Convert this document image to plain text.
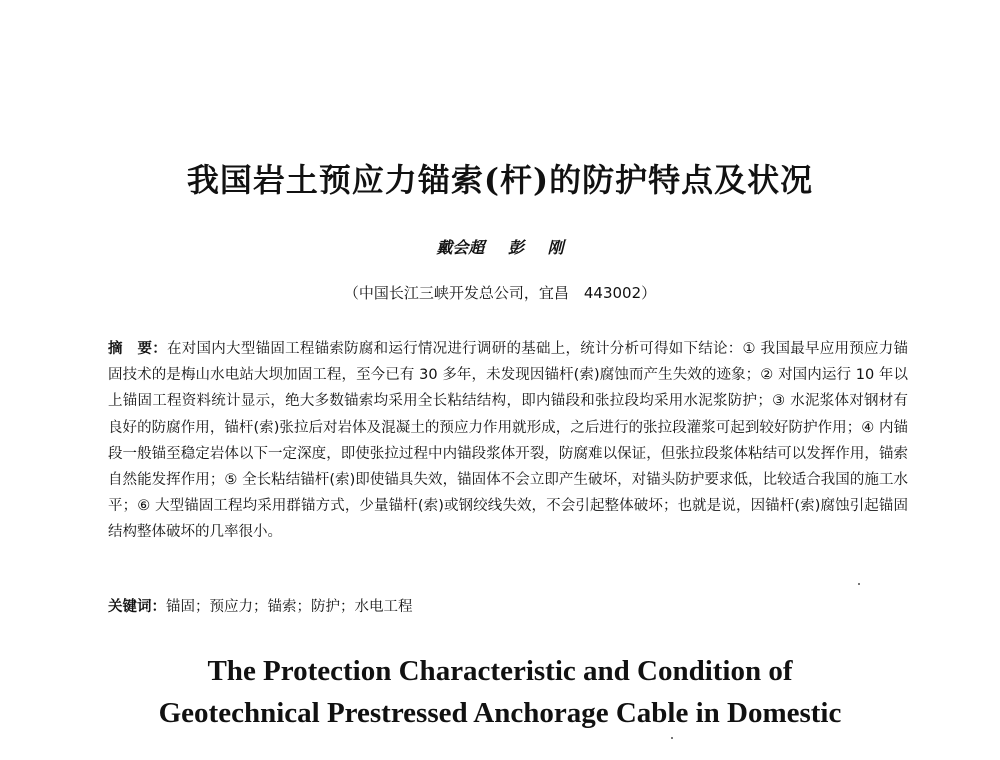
我国岩土预应力锚索(杆)的防护特点及状况

戴会超 彭 刚

（中国长江三峡开发总公司，宜昌　443002）

摘　要：在对国内大型锚固工程锚索防腐和运行情况进行调研的基础上，统计分析可得如下结论：① 我国最早应用预应力锚固技术的是梅山水电站大坝加固工程，至今已有 30 多年，未发现因锚杆(索)腐蚀而产生失效的迹象；② 对国内运行 10 年以上锚固工程资料统计显示，绝大多数锚索均采用全长粘结结构，即内锚段和张拉段均采用水泥浆防护；③ 水泥浆体对钢材有良好的防腐作用，锚杆(索)张拉后对岩体及混凝土的预应力作用就形成，之后进行的张拉段灌浆可起到较好防护作用；④ 内锚段一般锚至稳定岩体以下一定深度，即使张拉过程中内锚段浆体开裂，防腐难以保证，但张拉段浆体粘结可以发挥作用，锚索自然能发挥作用；⑤ 全长粘结锚杆(索)即使锚具失效，锚固体不会立即产生破坏，对锚头防护要求低，比较适合我国的施工水平；⑥ 大型锚固工程均采用群锚方式，少量锚杆(索)或钢绞线失效，不会引起整体破坏；也就是说，因锚杆(索)腐蚀引起锚固结构整体破坏的几率很小。

关键词：锚固；预应力；锚索；防护；水电工程

The Protection Characteristic and Condition of
Geotechnical Prestressed Anchorage Cable in Domestic
